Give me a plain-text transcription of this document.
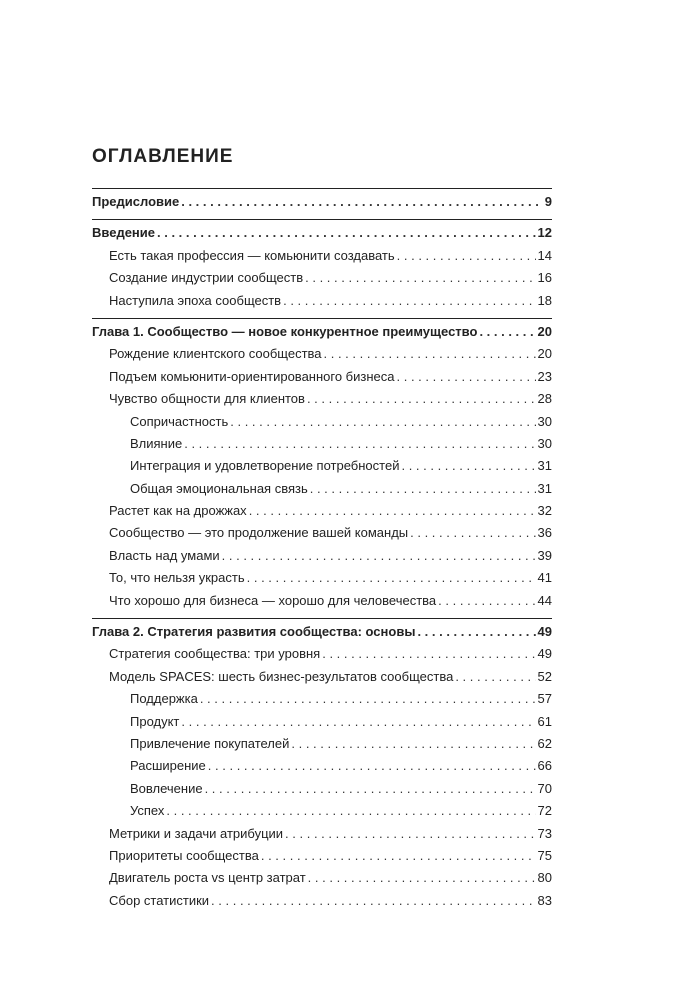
ОГЛАВЛЕНИЕ
Предисловие . . .	9
Введение . . .	12
Есть такая профессия — комьюнити создавать . . .	14
Создание индустрии сообществ . . .	16
Наступила эпоха сообществ . . .	18
Глава 1. Сообщество — новое конкурентное преимущество . . .	20
Рождение клиентского сообщества . . .	20
Подъем комьюнити-ориентированного бизнеса . . .	23
Чувство общности для клиентов . . .	28
Сопричастность . . .	30
Влияние . . .	30
Интеграция и удовлетворение потребностей . . .	31
Общая эмоциональная связь . . .	31
Растет как на дрожжах . . .	32
Сообщество — это продолжение вашей команды . . .	36
Власть над умами . . .	39
То, что нельзя украсть . . .	41
Что хорошо для бизнеса — хорошо для человечества . . .	44
Глава 2. Стратегия развития сообщества: основы . . .	49
Стратегия сообщества: три уровня . . .	49
Модель SPACES: шесть бизнес-результатов сообщества . . .	52
Поддержка . . .	57
Продукт . . .	61
Привлечение покупателей . . .	62
Расширение . . .	66
Вовлечение . . .	70
Успех . . .	72
Метрики и задачи атрибуции . . .	73
Приоритеты сообщества . . .	75
Двигатель роста vs центр затрат . . .	80
Сбор статистики . . .	83
